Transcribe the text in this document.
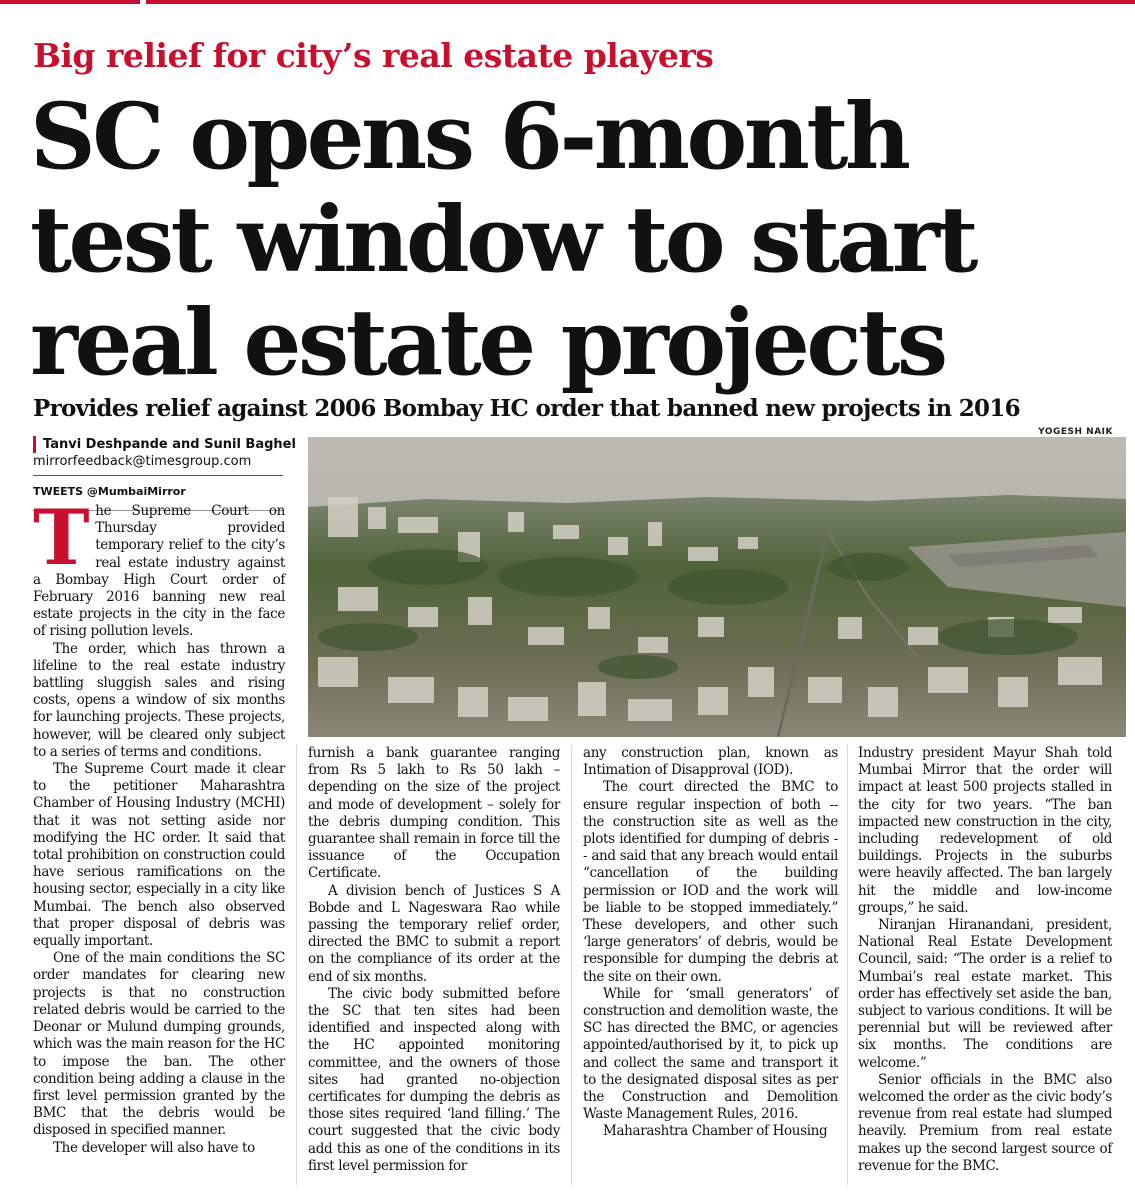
Big relief for city’s real estate players
SC opens 6-month
test window to start
real estate projects
Provides relief against 2006 Bombay HC order that banned new projects in 2016
Tanvi Deshpande and Sunil Baghel
mirrorfeedback@timesgroup.com
TWEETS @MumbaiMirror
YOGESH NAIK

The Supreme Court on Thursday provided temporary relief to the city’s real estate industry against a Bombay High Court order of February 2016 banning new real estate projects in the city in the face of rising pollution levels.

The order, which has thrown a lifeline to the real estate industry battling sluggish sales and rising costs, opens a window of six months for launching projects. These projects, however, will be cleared only subject to a series of terms and conditions.

The Supreme Court made it clear to the petitioner Maharashtra Chamber of Housing Industry (MCHI) that it was not setting aside nor modifying the HC order. It said that total prohibition on construction could have serious ramifications on the housing sector, especially in a city like Mumbai. The bench also observed that proper disposal of debris was equally important.

One of the main conditions the SC order mandates for clearing new projects is that no construction related debris would be carried to the Deonar or Mulund dumping grounds, which was the main reason for the HC to impose the ban. The other condition being adding a clause in the first level permission granted by the BMC that the debris would be disposed in specified manner.

The developer will also have to

furnish a bank guarantee ranging from Rs 5 lakh to Rs 50 lakh – depending on the size of the project and mode of development – solely for the debris dumping condition. This guarantee shall remain in force till the issuance of the Occupation Certificate.

A division bench of Justices S A Bobde and L Nageswara Rao while passing the temporary relief order, directed the BMC to submit a report on the compliance of its order at the end of six months.

The civic body submitted before the SC that ten sites had been identified and inspected along with the HC appointed monitoring committee, and the owners of those sites had granted no-objection certificates for dumping the debris as those sites required ‘land filling.’ The court suggested that the civic body add this as one of the conditions in its first level permission for

any construction plan, known as Intimation of Disapproval (IOD).

The court directed the BMC to ensure regular inspection of both -- the construction site as well as the plots identified for dumping of debris -- and said that any breach would entail “cancellation of the building permission or IOD and the work will be liable to be stopped immediately.” These developers, and other such ‘large generators’ of debris, would be responsible for dumping the debris at the site on their own.

While for ‘small generators’ of construction and demolition waste, the SC has directed the BMC, or agencies appointed/authorised by it, to pick up and collect the same and transport it to the designated disposal sites as per the Construction and Demolition Waste Management Rules, 2016.

Maharashtra Chamber of Housing

Industry president Mayur Shah told Mumbai Mirror that the order will impact at least 500 projects stalled in the city for two years. “The ban impacted new construction in the city, including redevelopment of old buildings. Projects in the suburbs were heavily affected. The ban largely hit the middle and low-income groups,” he said.

Niranjan Hiranandani, president, National Real Estate Development Council, said: “The order is a relief to Mumbai’s real estate market. This order has effectively set aside the ban, subject to various conditions. It will be perennial but will be reviewed after six months. The conditions are welcome.”

Senior officials in the BMC also welcomed the order as the civic body’s revenue from real estate had slumped heavily. Premium from real estate makes up the second largest source of revenue for the BMC.
